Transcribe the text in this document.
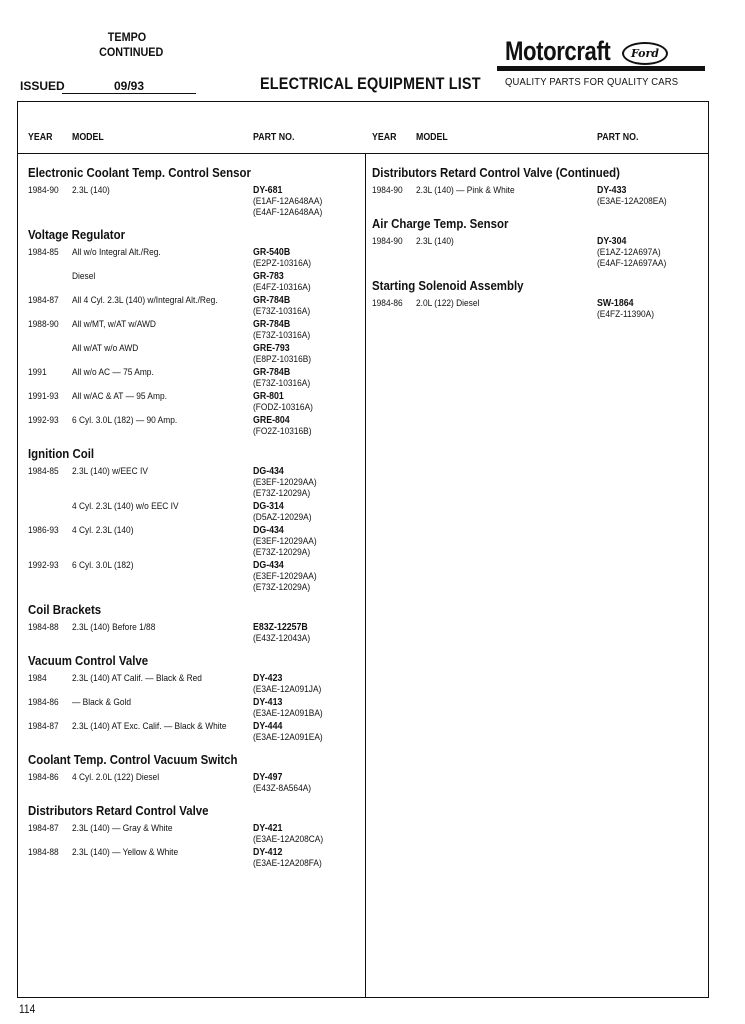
TEMPO
CONTINUED
ISSUED	09/93	ELECTRICAL EQUIPMENT LIST
Motorcraft	Ford
QUALITY PARTS FOR QUALITY CARS
YEAR MODEL	PART NO.	YEAR MODEL	PART NO.
Electronic Coolant Temp. Control Sensor
1984-90 2.3L (140)	DY-681
(E1AF-12A648AA)
(E4AF-12A648AA)
Voltage Regulator
1984-85 All w/o Integral Alt./Reg.	GR-540B
(E2PZ-10316A)
Diesel	GR-783
(E4FZ-10316A)
1984-87 All 4 Cyl. 2.3L (140) w/Integral Alt./Reg.	GR-784B
(E73Z-10316A)
1988-90 All w/MT, w/AT w/AWD	GR-784B
(E73Z-10316A)
All w/AT w/o AWD	GRE-793
(E8PZ-10316B)
1991	All w/o AC — 75 Amp.	GR-784B
(E73Z-10316A)
1991-93 All w/AC & AT — 95 Amp.	GR-801
(FODZ-10316A)
1992-93 6 Cyl. 3.0L (182) — 90 Amp.	GRE-804
(FO2Z-10316B)
Ignition Coil
1984-85 2.3L (140) w/EEC IV	DG-434
(E3EF-12029AA)
(E73Z-12029A)
4 Cyl. 2.3L (140) w/o EEC IV	DG-314
(D5AZ-12029A)
1986-93 4 Cyl. 2.3L (140)	DG-434
(E3EF-12029AA)
(E73Z-12029A)
1992-93 6 Cyl. 3.0L (182)	DG-434
(E3EF-12029AA)
(E73Z-12029A)
Coil Brackets
1984-88 2.3L (140) Before 1/88	E83Z-12257B
(E43Z-12043A)
Vacuum Control Valve
1984	2.3L (140) AT Calif. — Black & Red	DY-423
(E3AE-12A091JA)
1984-86 — Black & Gold	DY-413
(E3AE-12A091BA)
1984-87 2.3L (140) AT Exc. Calif. — Black & White	DY-444
(E3AE-12A091EA)
Coolant Temp. Control Vacuum Switch
1984-86 4 Cyl. 2.0L (122) Diesel	DY-497
(E43Z-8A564A)
Distributors Retard Control Valve
1984-87 2.3L (140) — Gray & White	DY-421
(E3AE-12A208CA)
1984-88 2.3L (140) — Yellow & White	DY-412
(E3AE-12A208FA)
Distributors Retard Control Valve (Continued)
1984-90 2.3L (140) — Pink & White	DY-433
(E3AE-12A208EA)
Air Charge Temp. Sensor
1984-90 2.3L (140)	DY-304
(E1AZ-12A697A)
(E4AF-12A697AA)
Starting Solenoid Assembly
1984-86 2.0L (122) Diesel	SW-1864
(E4FZ-11390A)
114
